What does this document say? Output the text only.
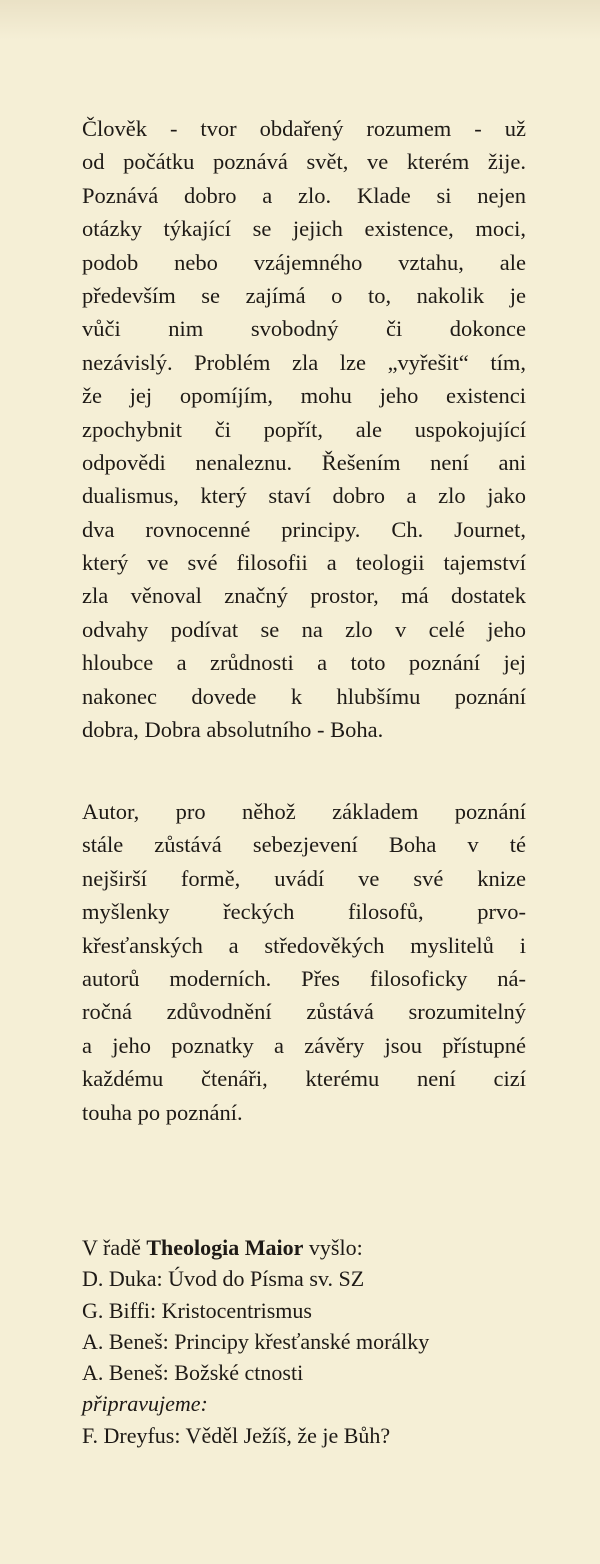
Člověk - tvor obdařený rozumem - už
od počátku poznává svět, ve kterém žije.
Poznává dobro a zlo. Klade si nejen
otázky týkající se jejich existence, moci,
podob nebo vzájemného vztahu, ale
především se zajímá o to, nakolik je
vůči nim svobodný či dokonce
nezávislý. Problém zla lze „vyřešit“ tím,
že jej opomíjím, mohu jeho existenci
zpochybnit či popřít, ale uspokojující
odpovědi nenaleznu. Řešením není ani
dualismus, který staví dobro a zlo jako
dva rovnocenné principy. Ch. Journet,
který ve své filosofii a teologii tajemství
zla věnoval značný prostor, má dostatek
odvahy podívat se na zlo v celé jeho
hloubce a zrůdnosti a toto poznání jej
nakonec dovede k hlubšímu poznání
dobra, Dobra absolutního - Boha.
Autor, pro něhož základem poznání
stále zůstává sebezjevení Boha v té
nejširší formě, uvádí ve své knize
myšlenky řeckých filosofů, prvo-
křesťanských a středověkých myslitelů i
autorů moderních. Přes filosoficky ná-
ročná zdůvodnění zůstává srozumitelný
a jeho poznatky a závěry jsou přístupné
každému čtenáři, kterému není cizí
touha po poznání.
V řadě Theologia Maior vyšlo:
D. Duka: Úvod do Písma sv. SZ
G. Biffi: Kristocentrismus
A. Beneš: Principy křesťanské morálky
A. Beneš: Božské ctnosti
připravujeme:
F. Dreyfus: Věděl Ježíš, že je Bůh?
